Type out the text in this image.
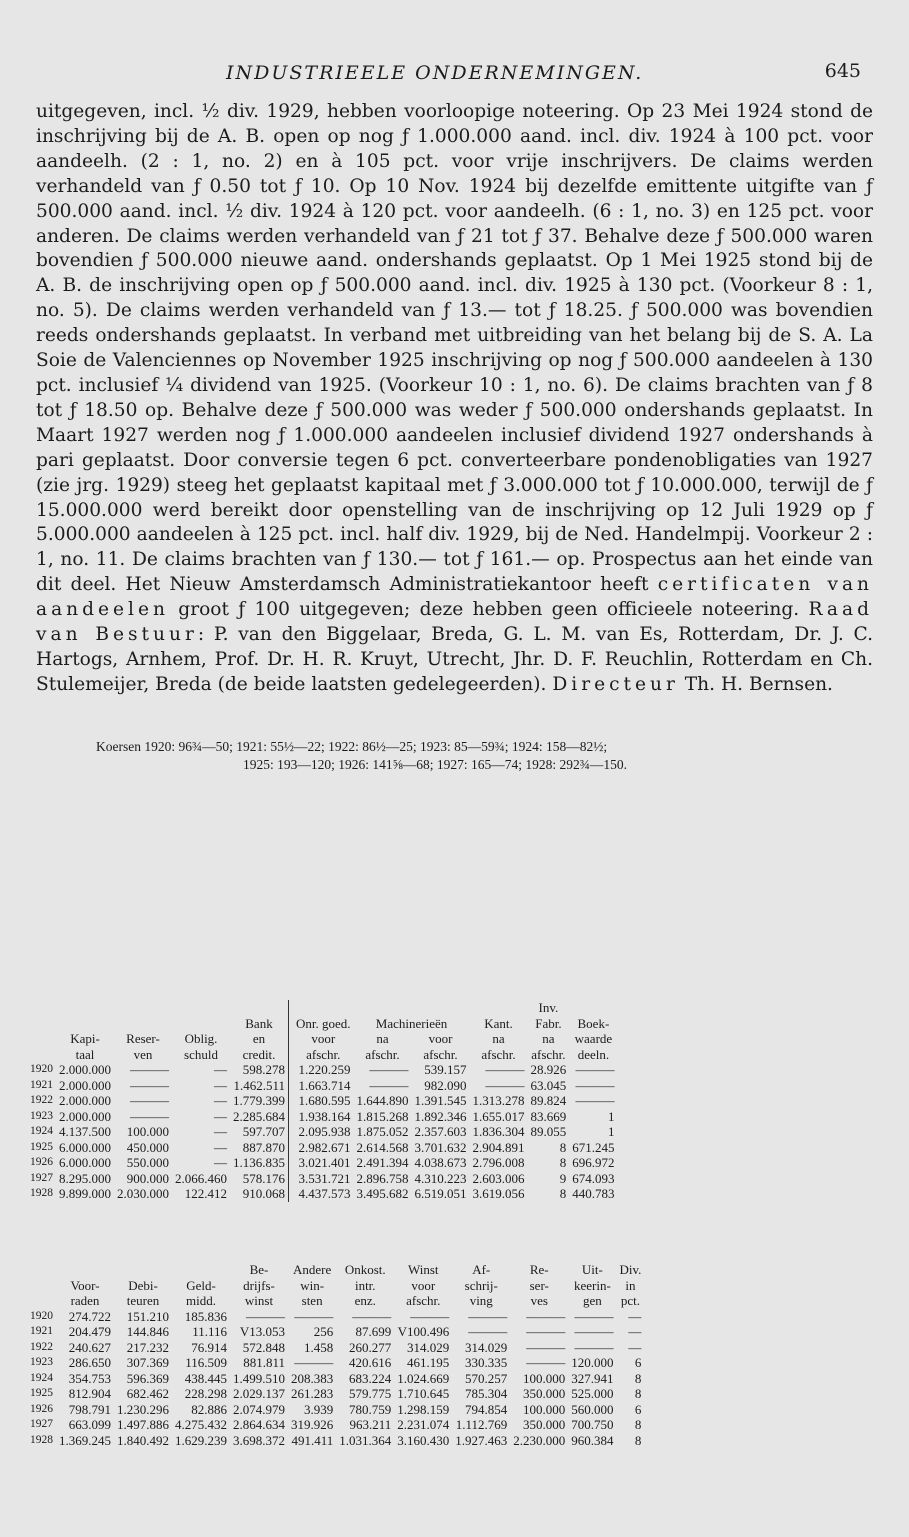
INDUSTRIEELE ONDERNEMINGEN.	645

uitgegeven, incl. ½ div. 1929, hebben voorloopige noteering. Op 23 Mei 1924 stond de inschrijving bij de A. B. open op nog ƒ 1.000.000 aand. incl. div. 1924 à 100 pct. voor aandeelh. (2 : 1, no. 2) en à 105 pct. voor vrije inschrijvers. De claims werden verhandeld van ƒ 0.50 tot ƒ 10. Op 10 Nov. 1924 bij dezelfde emittente uitgifte van ƒ 500.000 aand. incl. ½ div. 1924 à 120 pct. voor aandeelh. (6 : 1, no. 3) en 125 pct. voor anderen. De claims werden verhandeld van ƒ 21 tot ƒ 37. Behalve deze ƒ 500.000 waren bovendien ƒ 500.000 nieuwe aand. ondershands geplaatst. Op 1 Mei 1925 stond bij de A. B. de inschrijving open op ƒ 500.000 aand. incl. div. 1925 à 130 pct. (Voorkeur 8 : 1, no. 5). De claims werden verhandeld van ƒ 13.— tot ƒ 18.25. ƒ 500.000 was bovendien reeds ondershands geplaatst. In verband met uitbreiding van het belang bij de S. A. La Soie de Valenciennes op November 1925 inschrijving op nog ƒ 500.000 aandeelen à 130 pct. inclusief ¼ dividend van 1925. (Voorkeur 10 : 1, no. 6). De claims brachten van ƒ 8 tot ƒ 18.50 op. Behalve deze ƒ 500.000 was weder ƒ 500.000 ondershands geplaatst. In Maart 1927 werden nog ƒ 1.000.000 aandeelen inclusief dividend 1927 ondershands à pari geplaatst. Door conversie tegen 6 pct. converteerbare pondenobligaties van 1927 (zie jrg. 1929) steeg het geplaatst kapitaal met ƒ 3.000.000 tot ƒ 10.000.000, terwijl de ƒ 15.000.000 werd bereikt door openstelling van de inschrijving op 12 Juli 1929 op ƒ 5.000.000 aandeelen à 125 pct. incl. half div. 1929, bij de Ned. Handelmpij. Voorkeur 2 : 1, no. 11. De claims brachten van ƒ 130.— tot ƒ 161.— op. Prospectus aan het einde van dit deel. Het Nieuw Amsterdamsch Administratiekantoor heeft certificaten van aandeelen groot ƒ 100 uitgegeven; deze hebben geen officieele noteering. Raad van Bestuur: P. van den Biggelaar, Breda, G. L. M. van Es, Rotterdam, Dr. J. C. Hartogs, Arnhem, Prof. Dr. H. R. Kruyt, Utrecht, Jhr. D. F. Reuchlin, Rotterdam en Ch. Stulemeijer, Breda (de beide laatsten gedelegeerden). Directeur Th. H. Bernsen.

Koersen 1920: 96¾—50; 1921: 55½—22; 1922: 86½—25; 1923: 85—59¾; 1924: 158—82½;
1925: 193—120; 1926: 141⅝—68; 1927: 165—74; 1928: 292¾—150.
										Inv.	
				Bank		Onr. goed.	Machinerieën		Kant.	Fabr.	Boek-
	Kapi-	Reser-	Oblig.	en		voor	na	voor	na	na	waarde
	taal	ven	schuld	credit.		afschr.	afschr.	afschr.	afschr.	afschr.	deeln.
1920	2.000.000	———	—	598.278		1.220.259	———	539.157	———	28.926	———
1921	2.000.000	———	—	1.462.511		1.663.714	———	982.090	———	63.045	———
1922	2.000.000	———	—	1.779.399		1.680.595	1.644.890	1.391.545	1.313.278	89.824	———
1923	2.000.000	———	—	2.285.684		1.938.164	1.815.268	1.892.346	1.655.017	83.669	1
1924	4.137.500	100.000	—	597.707		2.095.938	1.875.052	2.357.603	1.836.304	89.055	1
1925	6.000.000	450.000	—	887.870		2.982.671	2.614.568	3.701.632	2.904.891	8	671.245
1926	6.000.000	550.000	—	1.136.835		3.021.401	2.491.394	4.038.673	2.796.008	8	696.972
1927	8.295.000	900.000	2.066.460	578.176		3.531.721	2.896.758	4.310.223	2.603.006	9	674.093
1928	9.899.000	2.030.000	122.412	910.068		4.437.573	3.495.682	6.519.051	3.619.056	8	440.783
				Be-	Andere	Onkost.	Winst	Af-	Re-	Uit-	Div.
	Voor-	Debi-	Geld-	drijfs-	win-	intr.	voor	schrij-	ser-	keerin-	in
	raden	teuren	midd.	winst	sten	enz.	afschr.	ving	ves	gen	pct.
1920	274.722	151.210	185.836	———	———	———	———	———	———	———	—
1921	204.479	144.846	11.116	V13.053	256	87.699	V100.496	———	———	———	—
1922	240.627	217.232	76.914	572.848	1.458	260.277	314.029	314.029	———	———	—
1923	286.650	307.369	116.509	881.811	———	420.616	461.195	330.335	———	120.000	6
1924	354.753	596.369	438.445	1.499.510	208.383	683.224	1.024.669	570.257	100.000	327.941	8
1925	812.904	682.462	228.298	2.029.137	261.283	579.775	1.710.645	785.304	350.000	525.000	8
1926	798.791	1.230.296	82.886	2.074.979	3.939	780.759	1.298.159	794.854	100.000	560.000	6
1927	663.099	1.497.886	4.275.432	2.864.634	319.926	963.211	2.231.074	1.112.769	350.000	700.750	8
1928	1.369.245	1.840.492	1.629.239	3.698.372	491.411	1.031.364	3.160.430	1.927.463	2.230.000	960.384	8
